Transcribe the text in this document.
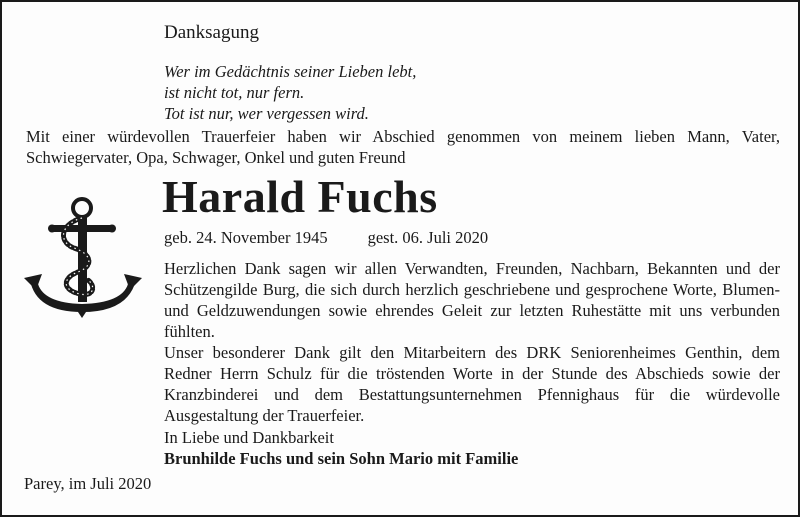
Danksagung
Wer im Gedächtnis seiner Lieben lebt,
ist nicht tot, nur fern.
Tot ist nur, wer vergessen wird.
Mit einer würdevollen Trauerfeier haben wir Abschied genommen von meinem lieben Mann, Vater, Schwiegervater, Opa, Schwager, Onkel und guten Freund
Harald Fuchs
geb. 24. November 1945 gest. 06. Juli 2020

Herzlichen Dank sagen wir allen Verwandten, Freunden, Nachbarn, Bekannten und der Schützengilde Burg, die sich durch herzlich geschriebene und gesprochene Worte, Blumen- und Geldzuwendungen sowie ehrendes Geleit zur letzten Ruhestätte mit uns verbunden fühlten.

Unser besonderer Dank gilt den Mitarbeitern des DRK Seniorenheimes Genthin, dem Redner Herrn Schulz für die tröstenden Worte in der Stunde des Abschieds sowie der Kranzbinderei und dem Bestattungsunternehmen Pfennighaus für die würdevolle Ausgestaltung der Trauerfeier.

In Liebe und Dankbarkeit
Brunhilde Fuchs und sein Sohn Mario mit Familie
Parey, im Juli 2020
